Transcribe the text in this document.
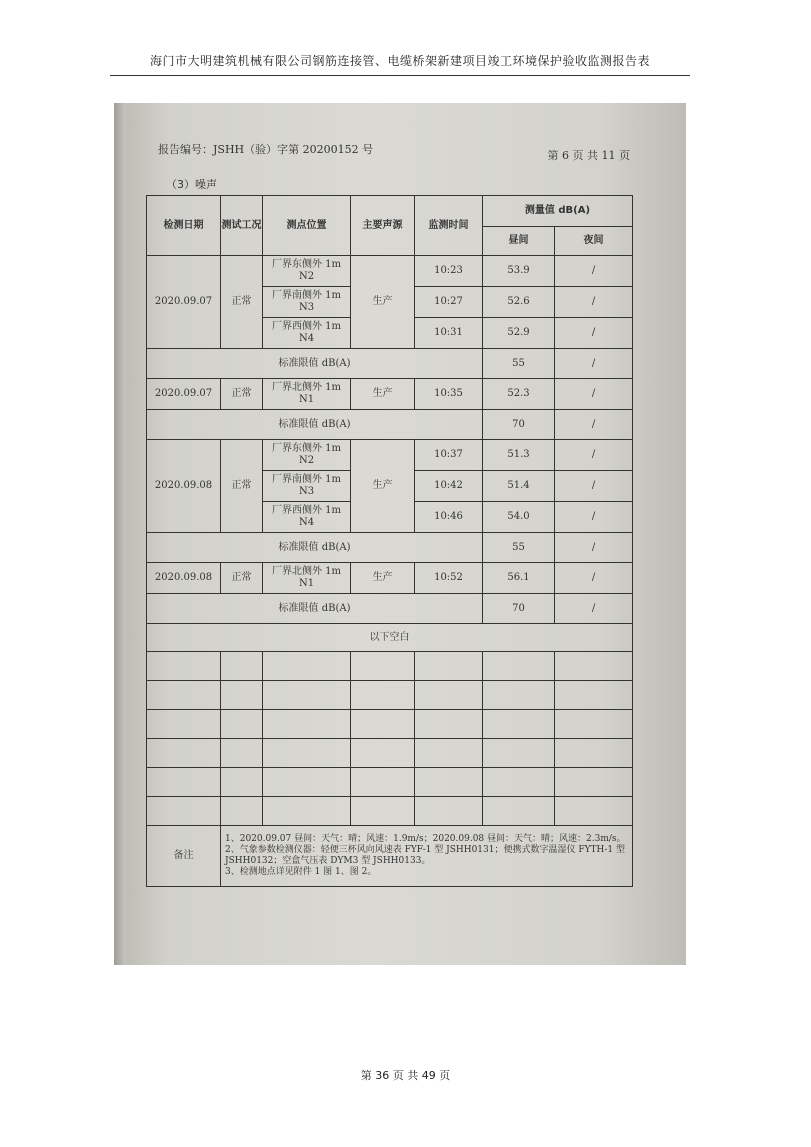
海门市大明建筑机械有限公司钢筋连接管、电缆桥架新建项目竣工环境保护验收监测报告表
报告编号：JSHH（验）字第 20200152 号	第 6 页 共 11 页
（3）噪声
检测日期	测试工况	测点位置	主要声源	监测时间	测量值 dB(A)	
					昼间	夜间
2020.09.07	正常	厂界东侧外 1m N2	生产	10:23	53.9	/
		厂界南侧外 1m N3		10:27	52.6	/
		厂界西侧外 1m N4		10:31	52.9	/
标准限值 dB(A)					55	/
2020.09.07	正常	厂界北侧外 1m N1	生产	10:35	52.3	/
标准限值 dB(A)					70	/
2020.09.08	正常	厂界东侧外 1m N2	生产	10:37	51.3	/
		厂界南侧外 1m N3		10:42	51.4	/
		厂界西侧外 1m N4		10:46	54.0	/
标准限值 dB(A)					55	/
2020.09.08	正常	厂界北侧外 1m N1	生产	10:52	56.1	/
标准限值 dB(A)					70	/
以下空白						

备注	1、2020.09.07 昼间：天气：晴；风速：1.9m/s；2020.09.08 昼间：天气：晴；风速：2.3m/s。
2、气象参数检测仪器：轻便三杯风向风速表 FYF-1 型 JSHH0131；便携式数字温湿仪 FYTH-1 型 JSHH0132；空盒气压表 DYM3 型 JSHH0133。
3、检测地点详见附件 1 图 1、图 2。					
第 36 页 共 49 页
